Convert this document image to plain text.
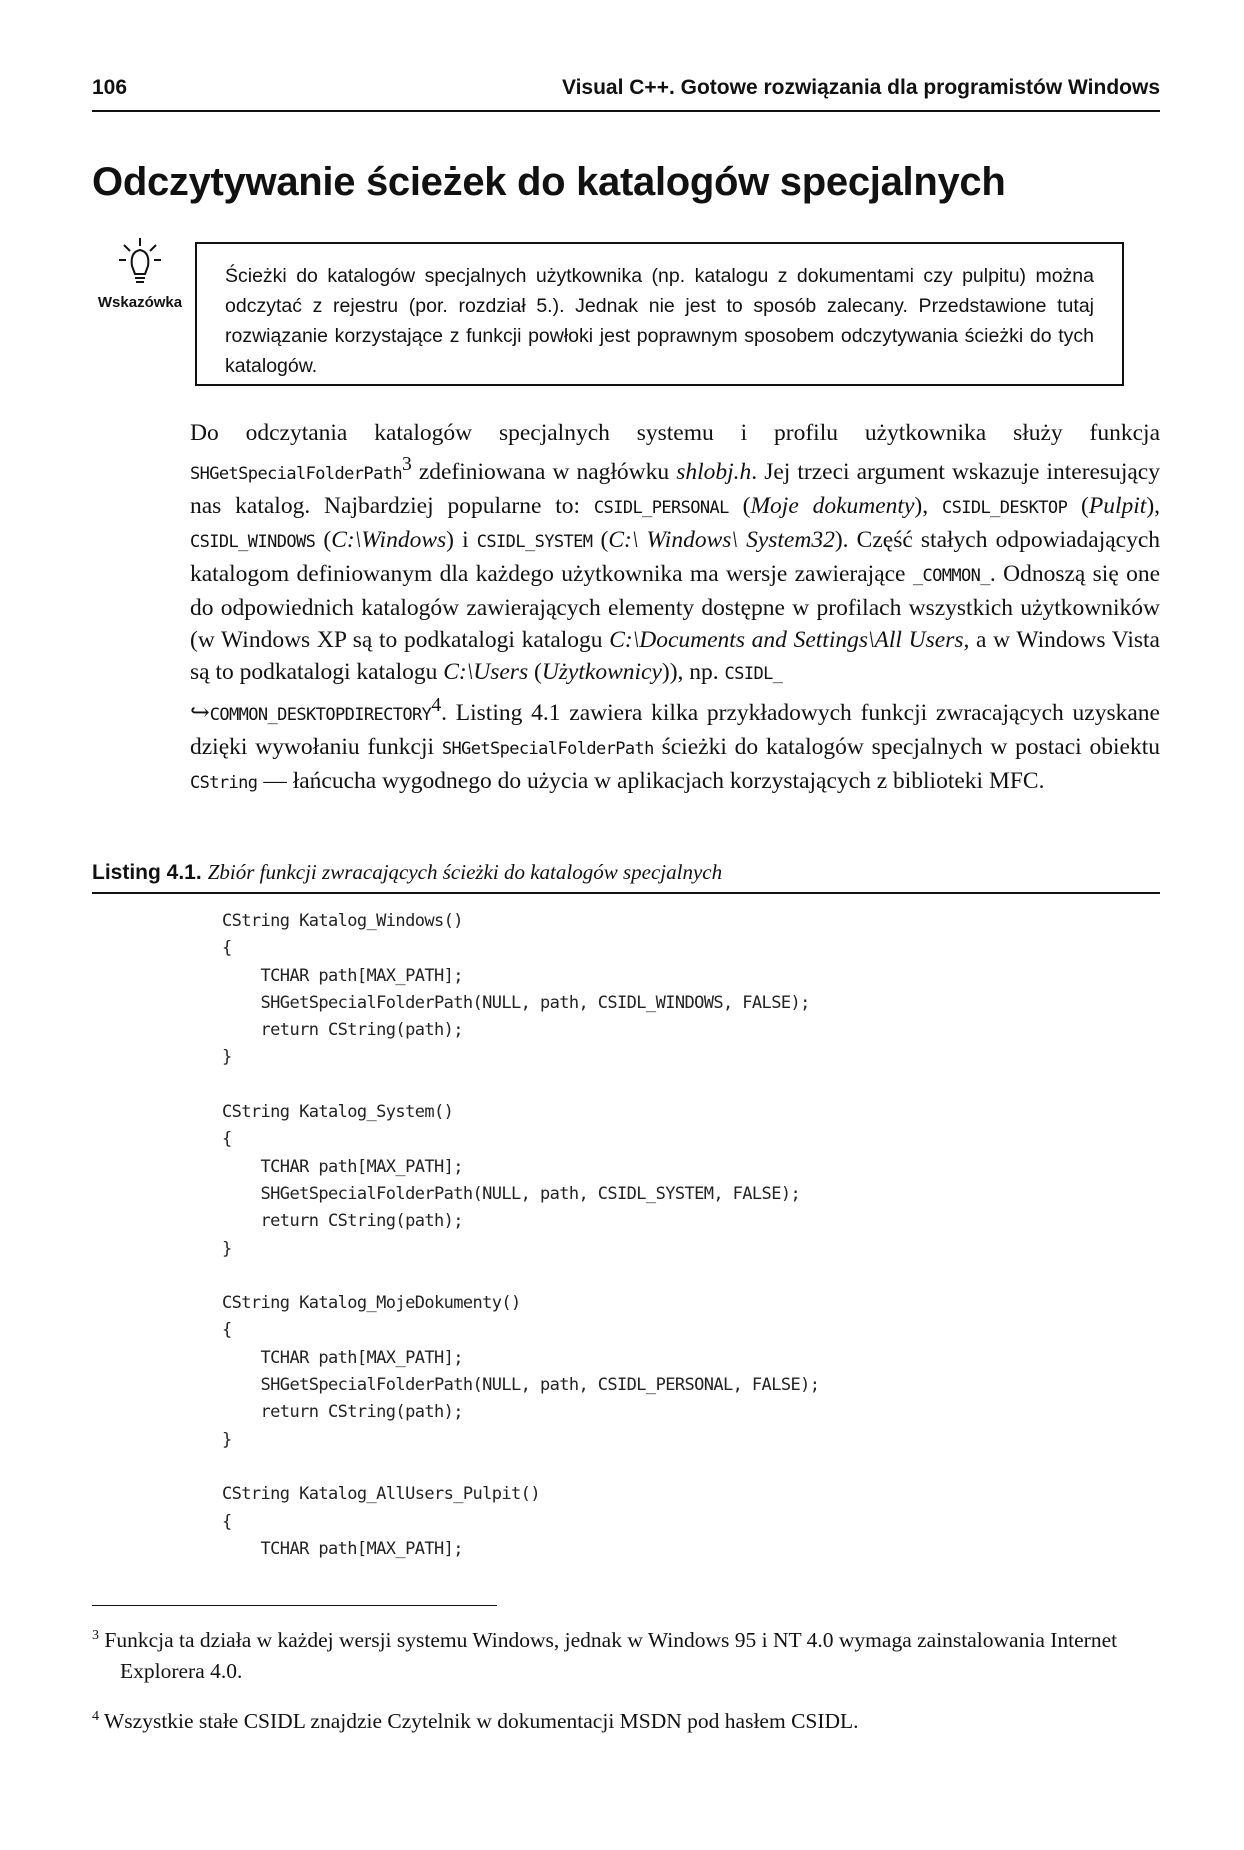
106	Visual C++. Gotowe rozwiązania dla programistów Windows
Odczytywanie ścieżek do katalogów specjalnych
Wskazówka
Ścieżki do katalogów specjalnych użytkownika (np. katalogu z dokumentami czy pulpitu) można odczytać z rejestru (por. rozdział 5.). Jednak nie jest to sposób zalecany. Przedstawione tutaj rozwiązanie korzystające z funkcji powłoki jest poprawnym sposobem odczytywania ścieżki do tych katalogów.

Do odczytania katalogów specjalnych systemu i profilu użytkownika służy funkcja SHGetSpecialFolderPath$^3$ zdefiniowana w nagłówku shlobj.h. Jej trzeci argument wskazuje interesujący nas katalog. Najbardziej popularne to: CSIDL_PERSONAL (Moje dokumenty), CSIDL_DESKTOP (Pulpit), CSIDL_WINDOWS (C:\Windows) i CSIDL_SYSTEM (C:\ Windows\ System32). Część stałych odpowiadających katalogom definiowanym dla każdego użytkownika ma wersje zawierające _COMMON_. Odnoszą się one do odpowiednich katalogów zawierających elementy dostępne w profilach wszystkich użytkowników (w Windows XP są to podkatalogi katalogu C:\Documents and Settings\All Users, a w Windows Vista są to podkatalogi katalogu C:\Users (Użytkownicy)), np. CSIDL_
↪COMMON_DESKTOPDIRECTORY$^4$. Listing 4.1 zawiera kilka przykładowych funkcji zwracających uzyskane dzięki wywołaniu funkcji SHGetSpecialFolderPath ścieżki do katalogów specjalnych w postaci obiektu CString — łańcucha wygodnego do użycia w aplikacjach korzystających z biblioteki MFC.

Listing 4.1. Zbiór funkcji zwracających ścieżki do katalogów specjalnych
CString Katalog_Windows()
{
TCHAR path[MAX_PATH];
SHGetSpecialFolderPath(NULL, path, CSIDL_WINDOWS, FALSE);
return CString(path);
}

CString Katalog_System()
{
TCHAR path[MAX_PATH];
SHGetSpecialFolderPath(NULL, path, CSIDL_SYSTEM, FALSE);
return CString(path);
}

CString Katalog_MojeDokumenty()
{
TCHAR path[MAX_PATH];
SHGetSpecialFolderPath(NULL, path, CSIDL_PERSONAL, FALSE);
return CString(path);
}

CString Katalog_AllUsers_Pulpit()
{
TCHAR path[MAX_PATH];

$^3$ Funkcja ta działa w każdej wersji systemu Windows, jednak w Windows 95 i NT 4.0 wymaga zainstalowania Internet Explorera 4.0.

$^4$ Wszystkie stałe CSIDL znajdzie Czytelnik w dokumentacji MSDN pod hasłem CSIDL.
